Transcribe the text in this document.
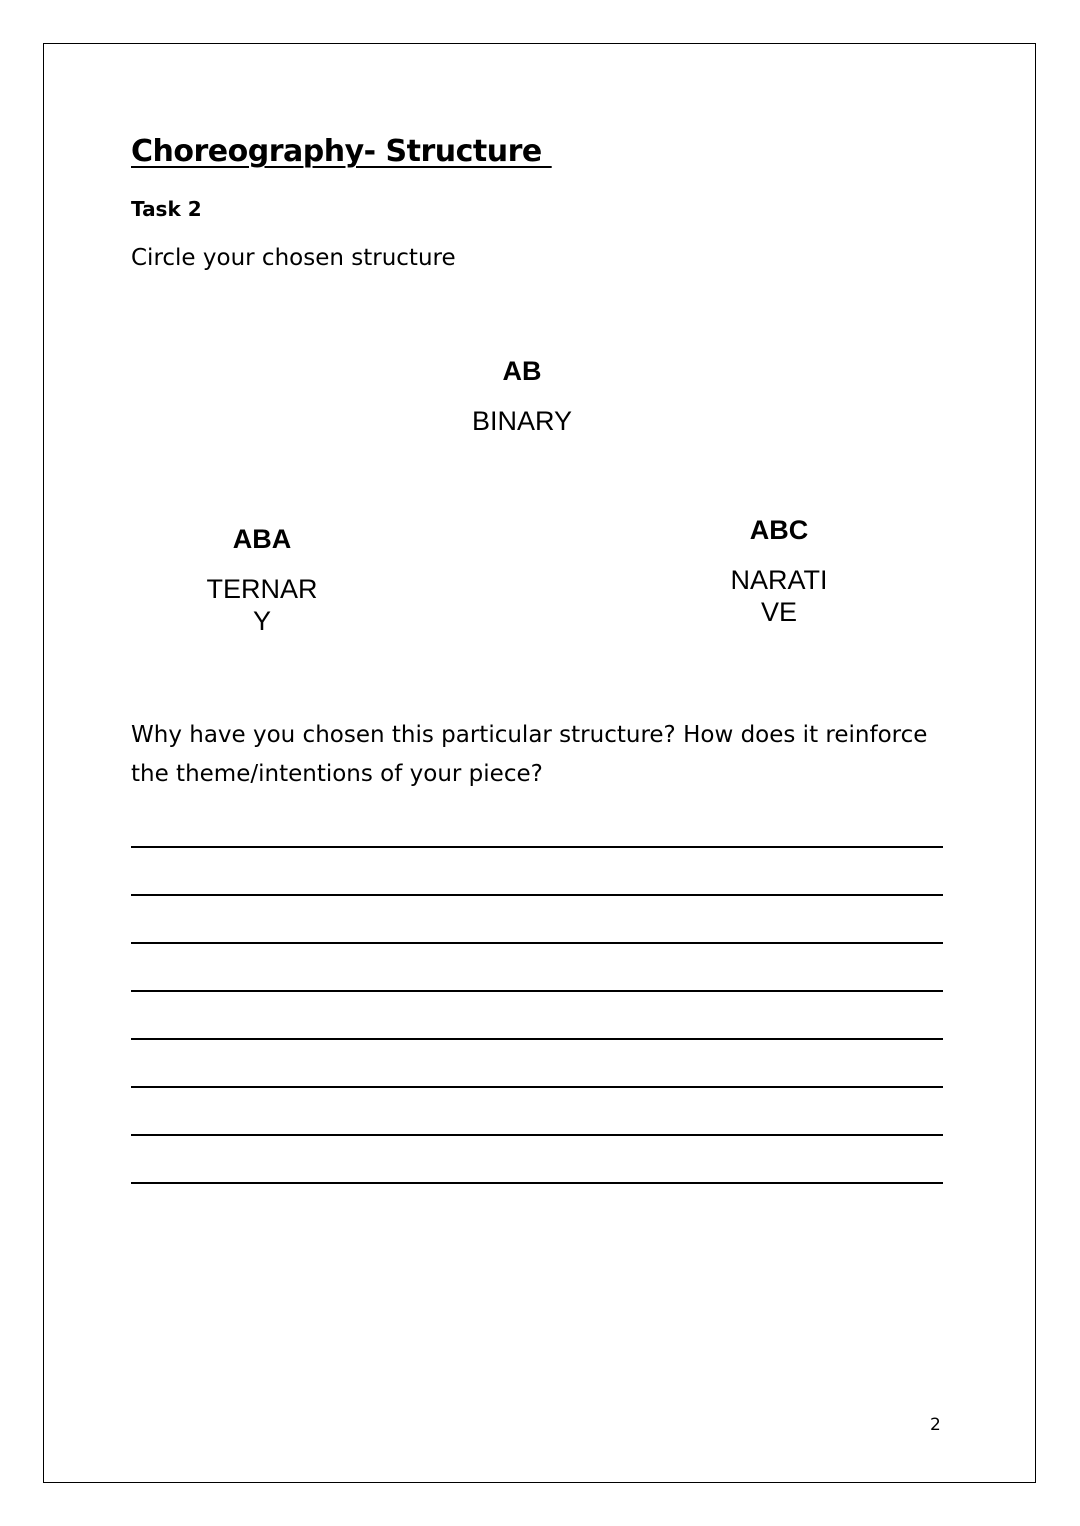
Choreography- Structure
Task 2
Circle your chosen structure
AB
BINARY
ABA
TERNARY
ABC
NARATIVE
Why have you chosen this particular structure? How does it reinforce the theme/intentions of your piece?
2
